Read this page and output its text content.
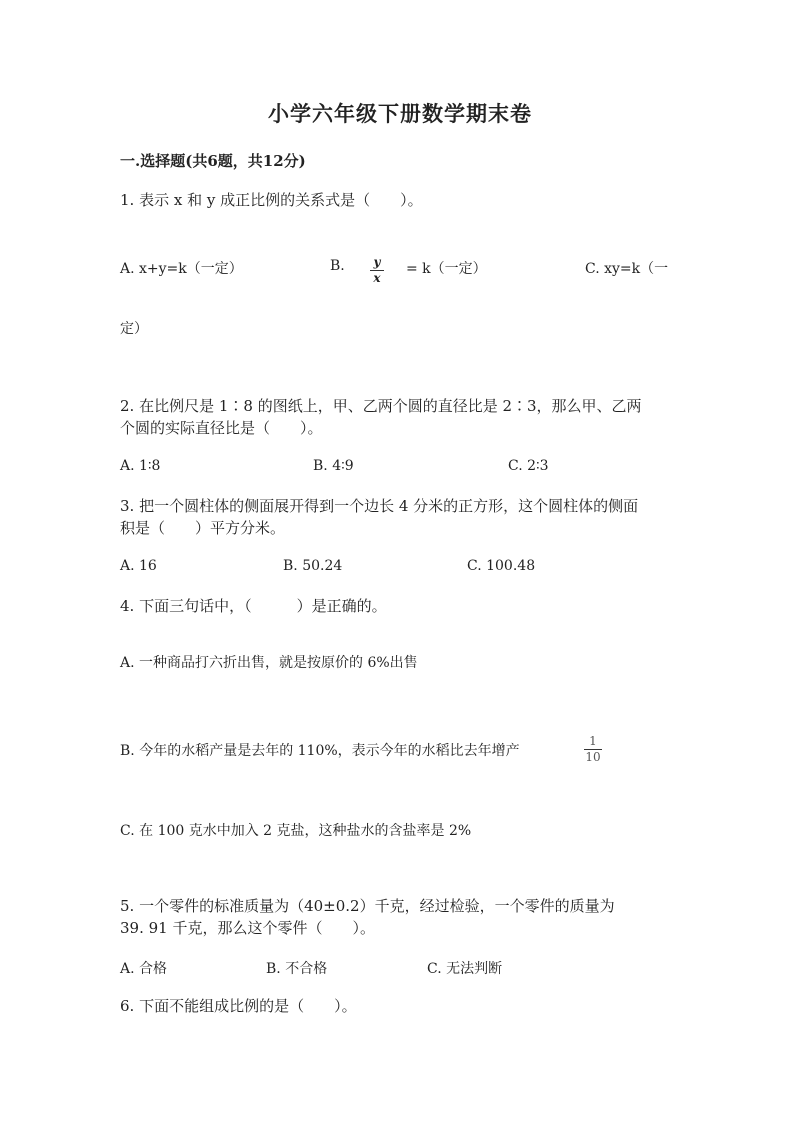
小学六年级下册数学期末卷
一.选择题(共6题，共12分)
1. 表示 x 和 y 成正比例的关系式是（　　）。
A. x+y=k（一定）	B. y
x
= k（一定）	C. xy=k（一
定）
2. 在比例尺是 1∶8 的图纸上，甲、乙两个圆的直径比是 2∶3，那么甲、乙两
个圆的实际直径比是（　　）。
A. 1∶8	B. 4∶9	C. 2∶3
3. 把一个圆柱体的侧面展开得到一个边长 4 分米的正方形，这个圆柱体的侧面
积是（　　）平方分米。
A. 16	B. 50.24	C. 100.48
4. 下面三句话中，（　　　）是正确的。
A. 一种商品打六折出售，就是按原价的 6%出售
B. 今年的水稻产量是去年的 110%，表示今年的水稻比去年增产
1
10
C. 在 100 克水中加入 2 克盐，这种盐水的含盐率是 2%
5. 一个零件的标准质量为（40±0.2）千克，经过检验，一个零件的质量为
39. 91 千克，那么这个零件（　　）。
A. 合格	B. 不合格	C. 无法判断
6. 下面不能组成比例的是（　　）。
